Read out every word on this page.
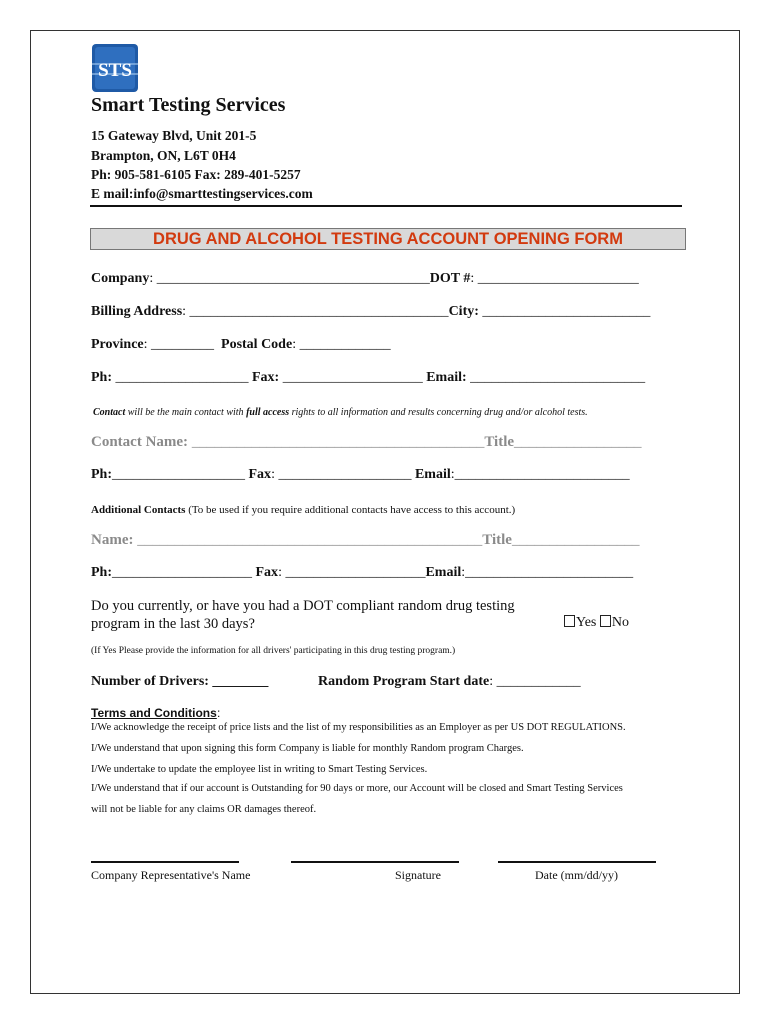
STS
Smart Testing Services
15 Gateway Blvd, Unit 201-5
Brampton, ON, L6T 0H4
Ph: 905-581-6105 Fax: 289-401-5257
E mail:info@smarttestingservices.com
DRUG AND ALCOHOL TESTING ACCOUNT OPENING FORM
Company: _______________________________________DOT #: _______________________
Billing Address: _____________________________________City: ________________________
Province: _________ Postal Code: _____________
Ph: ___________________ Fax: ____________________ Email: _________________________
Contact will be the main contact with full access rights to all information and results concerning drug and/or alcohol tests.
Contact Name: _______________________________________Title_________________
Ph:___________________ Fax: ___________________ Email:_________________________
Additional Contacts (To be used if you require additional contacts have access to this account.)
Name: ______________________________________________Title_________________
Ph:____________________ Fax: ____________________Email:________________________
Do you currently, or have you had a DOT compliant random drug testing
program in the last 30 days?	Yes No
(If Yes Please provide the information for all drivers' participating in this drug testing program.)
Number of Drivers: ________	Random Program Start date: ____________
Terms and Conditions :
I/We acknowledge the receipt of price lists and the list of my responsibilities as an Employer as per US DOT REGULATIONS.
I/We understand that upon signing this form Company is liable for monthly Random program Charges.
I/We undertake to update the employee list in writing to Smart Testing Services.
I/We understand that if our account is Outstanding for 90 days or more, our Account will be closed and Smart Testing Services
will not be liable for any claims OR damages thereof.
Company Representative's Name	Signature	Date (mm/dd/yy)
